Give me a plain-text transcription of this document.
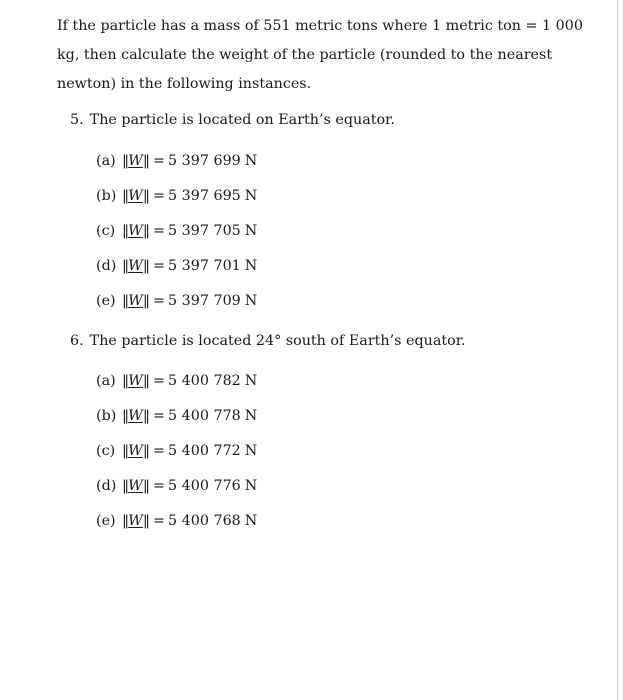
If the particle has a mass of 551 metric tons where 1 metric ton = 1 000 kg, then calculate the weight of the particle (rounded to the nearest newton) in the following instances.

5. The particle is located on Earth’s equator.

(a) ‖W‖ = 5 397 699 N
(b) ‖W‖ = 5 397 695 N
(c) ‖W‖ = 5 397 705 N
(d) ‖W‖ = 5 397 701 N
(e) ‖W‖ = 5 397 709 N

6. The particle is located 24° south of Earth’s equator.

(a) ‖W‖ = 5 400 782 N
(b) ‖W‖ = 5 400 778 N
(c) ‖W‖ = 5 400 772 N
(d) ‖W‖ = 5 400 776 N
(e) ‖W‖ = 5 400 768 N
